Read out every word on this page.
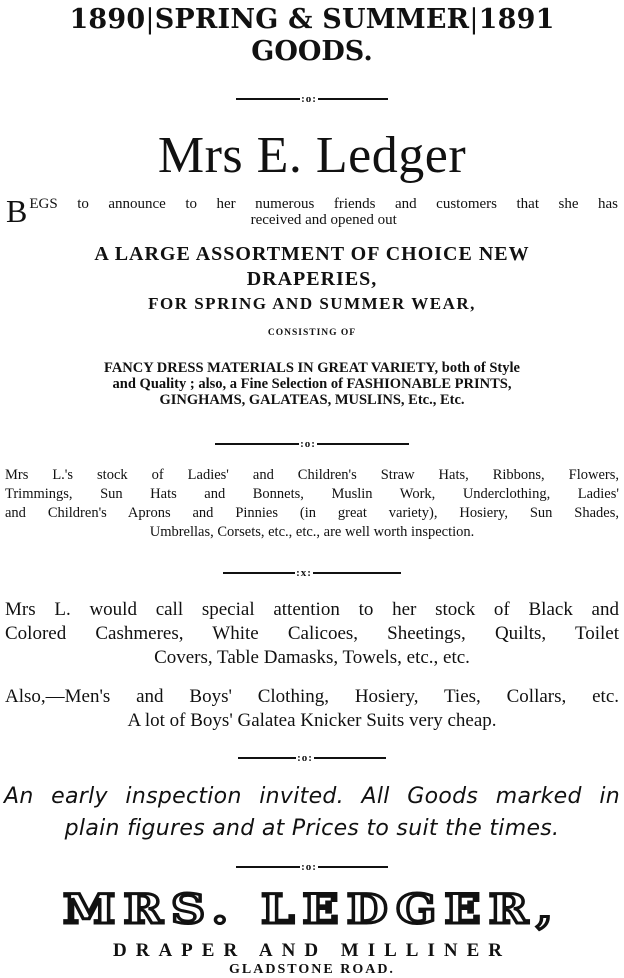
1890|SPRING & SUMMER|1891
GOODS.
:o:
Mrs E. Ledger
B EGS to announce to her numerous friends and customers that she has
received and opened out
A LARGE ASSORTMENT OF CHOICE NEW
DRAPERIES,
FOR SPRING AND SUMMER WEAR,
CONSISTING OF
FANCY DRESS MATERIALS IN GREAT VARIETY, both of Style
and Quality ; also, a Fine Selection of FASHIONABLE PRINTS,
GINGHAMS, GALATEAS, MUSLINS, Etc., Etc.
:o:
Mrs L.'s stock of Ladies' and Children's Straw Hats, Ribbons, Flowers,
Trimmings, Sun Hats and Bonnets, Muslin Work, Underclothing, Ladies'
and Children's Aprons and Pinnies (in great variety), Hosiery, Sun Shades,
Umbrellas, Corsets, etc., etc., are well worth inspection.
:x:
Mrs L. would call special attention to her stock of Black and
Colored Cashmeres, White Calicoes, Sheetings, Quilts, Toilet
Covers, Table Damasks, Towels, etc., etc.
Also,—Men's and Boys' Clothing, Hosiery, Ties, Collars, etc.
A lot of Boys' Galatea Knicker Suits very cheap.
:o:
An early inspection invited. All Goods marked in
plain figures and at Prices to suit the times.
:o:
MRS. LEDGER,
DRAPER AND MILLINER
GLADSTONE ROAD.
